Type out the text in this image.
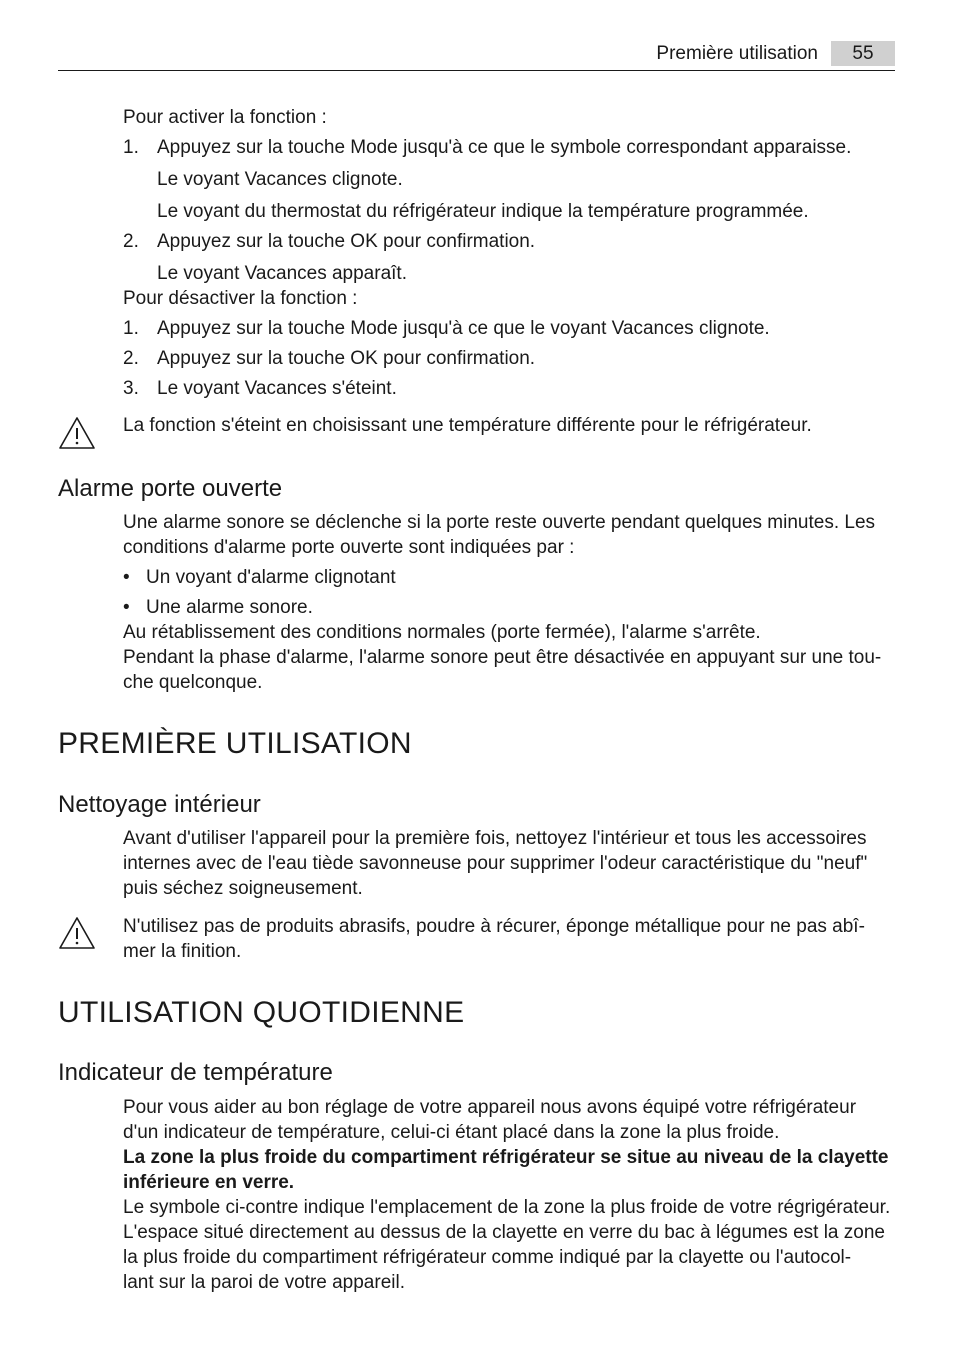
Première utilisation	55
Pour activer la fonction :
1. Appuyez sur la touche Mode jusqu'à ce que le symbole correspondant apparaisse.
Le voyant Vacances clignote.
Le voyant du thermostat du réfrigérateur indique la température programmée.
2. Appuyez sur la touche OK pour confirmation.
Le voyant Vacances apparaît.
Pour désactiver la fonction :
1. Appuyez sur la touche Mode jusqu'à ce que le voyant Vacances clignote.
2. Appuyez sur la touche OK pour confirmation.
3. Le voyant Vacances s'éteint.
La fonction s'éteint en choisissant une température différente pour le réfrigérateur.
Alarme porte ouverte
Une alarme sonore se déclenche si la porte reste ouverte pendant quelques minutes. Les
conditions d'alarme porte ouverte sont indiquées par :
• Un voyant d'alarme clignotant
• Une alarme sonore.
Au rétablissement des conditions normales (porte fermée), l'alarme s'arrête.
Pendant la phase d'alarme, l'alarme sonore peut être désactivée en appuyant sur une tou-
che quelconque.
PREMIÈRE UTILISATION
Nettoyage intérieur
Avant d'utiliser l'appareil pour la première fois, nettoyez l'intérieur et tous les accessoires
internes avec de l'eau tiède savonneuse pour supprimer l'odeur caractéristique du "neuf"
puis séchez soigneusement.
N'utilisez pas de produits abrasifs, poudre à récurer, éponge métallique pour ne pas abî-
mer la finition.
UTILISATION QUOTIDIENNE
Indicateur de température
Pour vous aider au bon réglage de votre appareil nous avons équipé votre réfrigérateur
d'un indicateur de température, celui-ci étant placé dans la zone la plus froide.
La zone la plus froide du compartiment réfrigérateur se situe au niveau de la clayette
inférieure en verre.
Le symbole ci-contre indique l'emplacement de la zone la plus froide de votre régrigérateur.
L'espace situé directement au dessus de la clayette en verre du bac à légumes est la zone
la plus froide du compartiment réfrigérateur comme indiqué par la clayette ou l'autocol-
lant sur la paroi de votre appareil.
